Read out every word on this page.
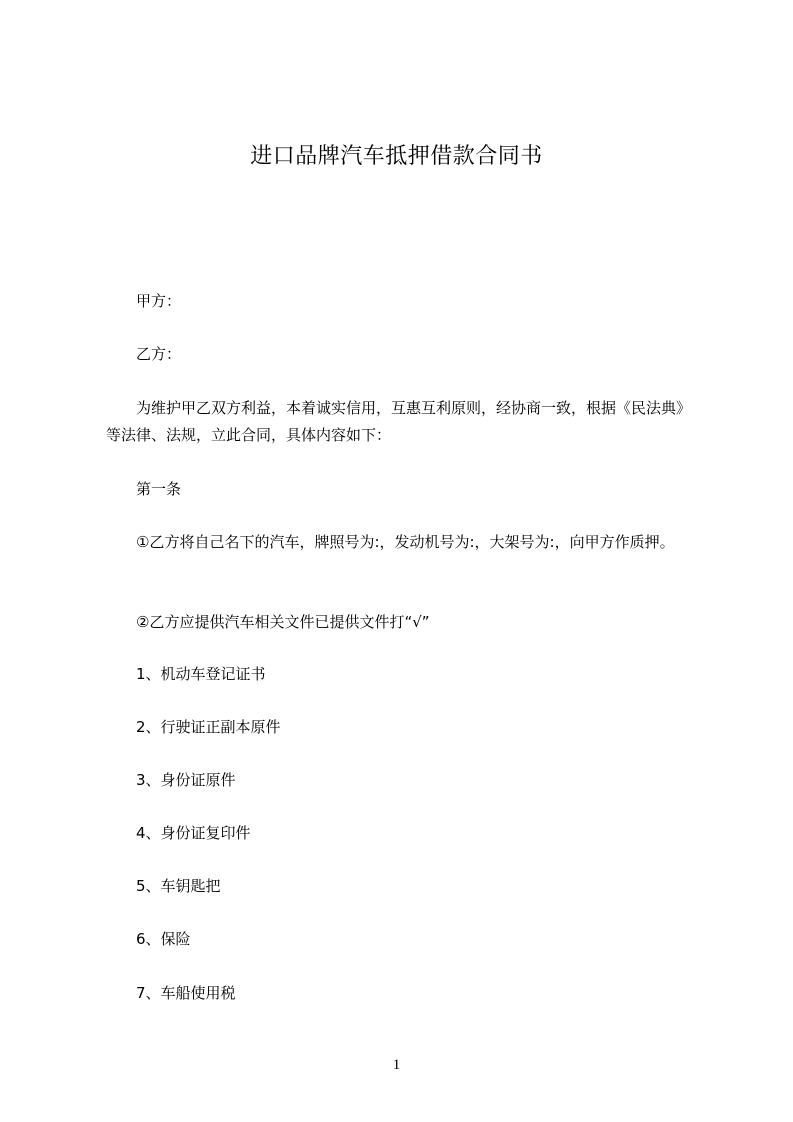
进口品牌汽车抵押借款合同书

甲方：

乙方：

为维护甲乙双方利益，本着诚实信用，互惠互利原则，经协商一致，根据《民法典》等法律、法规，立此合同，具体内容如下：

第一条

①乙方将自己名下的汽车，牌照号为:，发动机号为:，大架号为:，向甲方作质押。

②乙方应提供汽车相关文件已提供文件打“√”

1、机动车登记证书

2、行驶证正副本原件

3、身份证原件

4、身份证复印件

5、车钥匙把

6、保险

7、车船使用税

1
